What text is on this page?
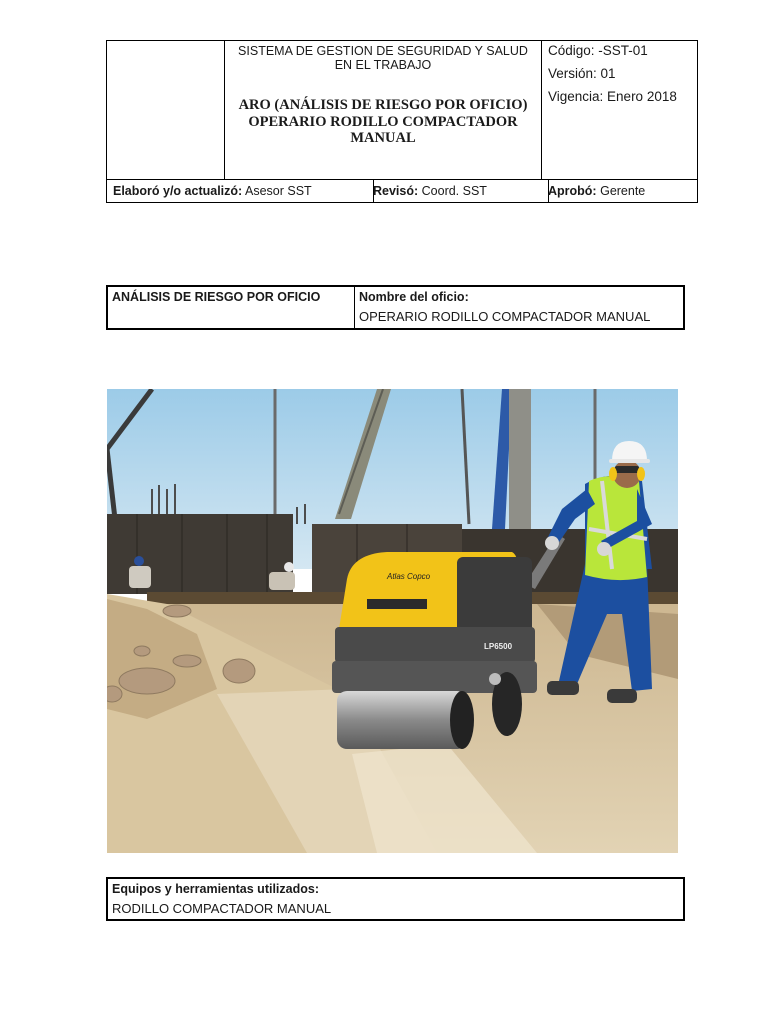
SISTEMA DE GESTION DE SEGURIDAD Y SALUD
EN EL TRABAJO
ARO (ANÁLISIS DE RIESGO POR OFICIO)
OPERARIO RODILLO COMPACTADOR
MANUAL
Código: -SST-01
Versión: 01
Vigencia: Enero 2018
Elaboró y/o actualizó: Asesor SST	Revisó: Coord. SST	Aprobó: Gerente
ANÁLISIS DE RIESGO POR OFICIO	Nombre del oficio:
OPERARIO RODILLO COMPACTADOR MANUAL
Atlas Copco
LP6500
Equipos y herramientas utilizados:
RODILLO COMPACTADOR MANUAL
